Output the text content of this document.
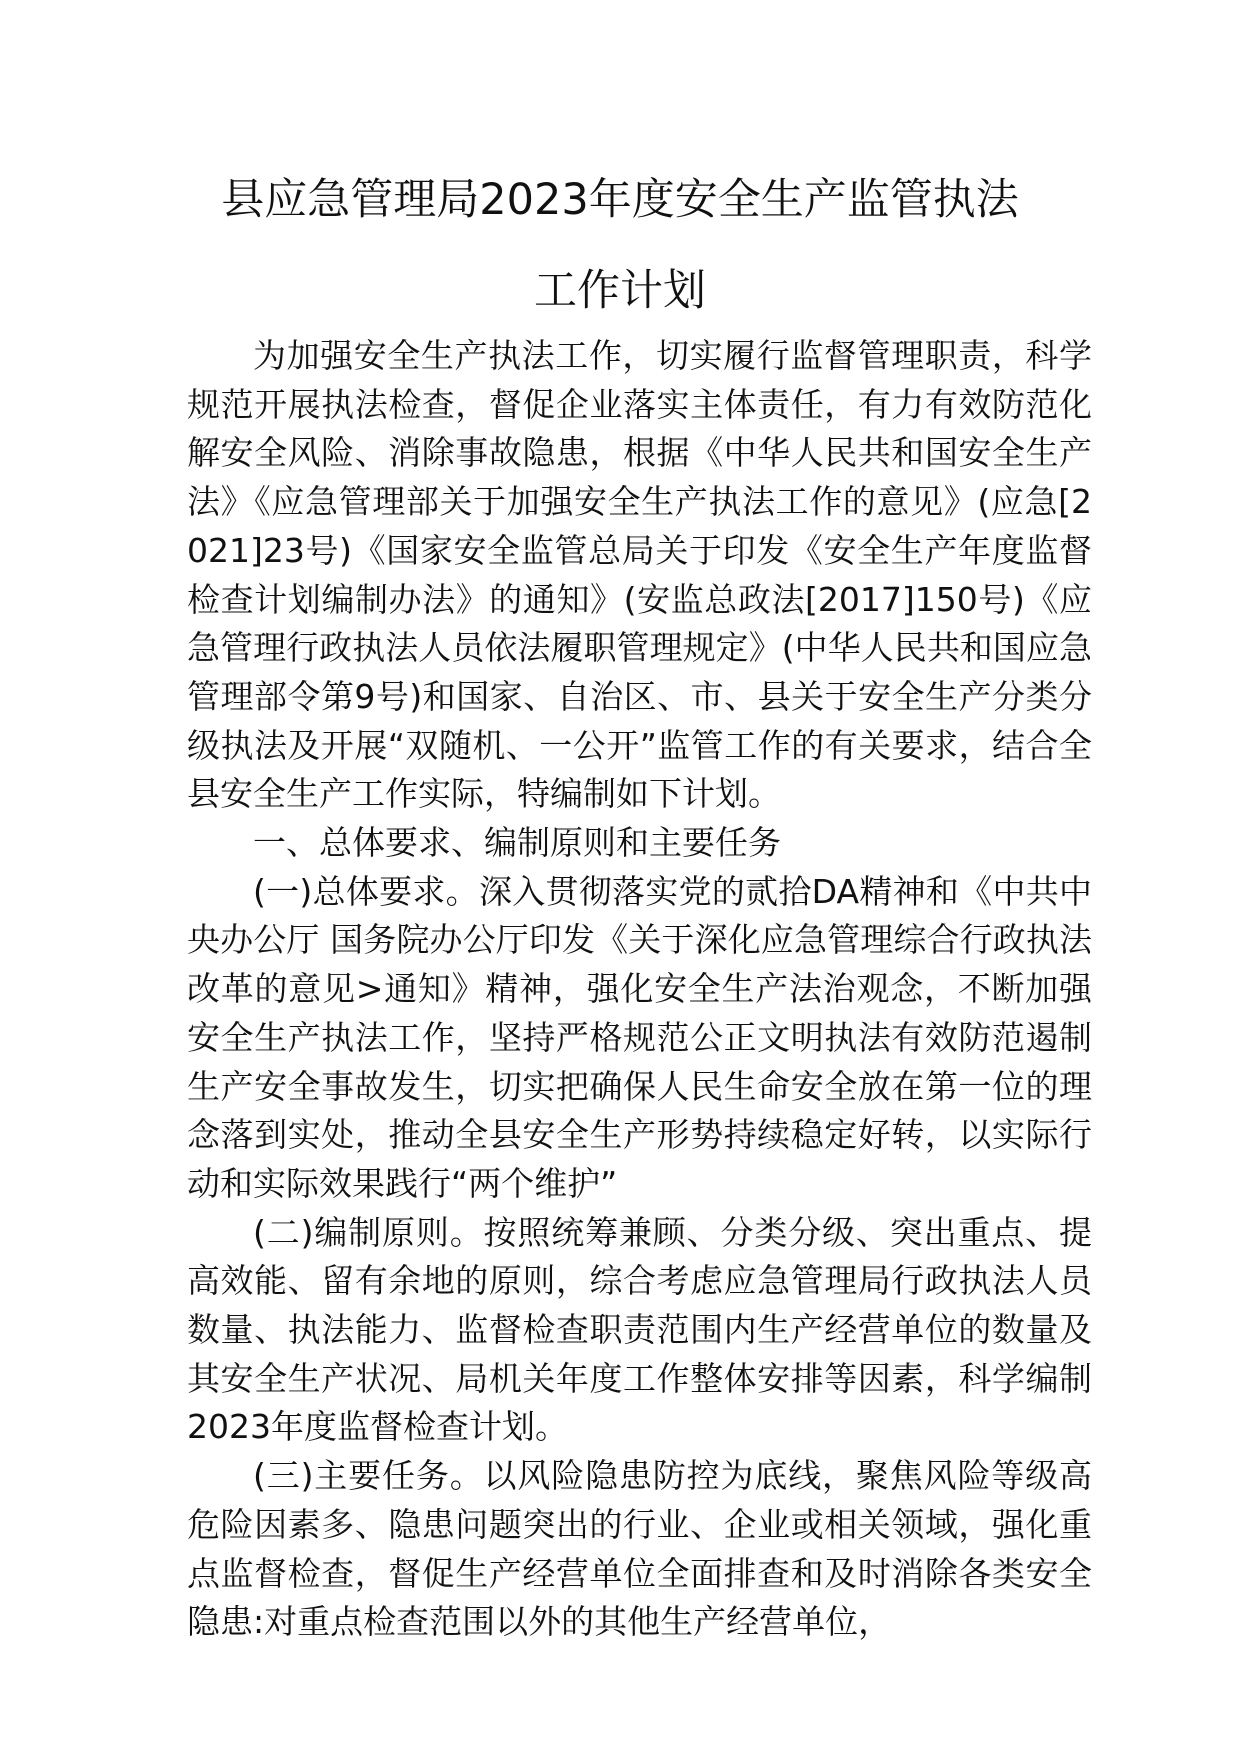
县应急管理局2023年度安全生产监管执法
工作计划

为加强安全生产执法工作，切实履行监督管理职责，科学规范开展执法检查，督促企业落实主体责任，有力有效防范化解安全风险、消除事故隐患，根据《中华人民共和国安全生产法》《应急管理部关于加强安全生产执法工作的意见》(应急[2021]23号)《国家安全监管总局关于印发《安全生产年度监督检查计划编制办法》的通知》(安监总政法[2017]150号)《应急管理行政执法人员依法履职管理规定》(中华人民共和国应急管理部令第9号)和国家、自治区、市、县关于安全生产分类分级执法及开展“双随机、一公开”监管工作的有关要求，结合全县安全生产工作实际，特编制如下计划。

一、总体要求、编制原则和主要任务

(一)总体要求。深入贯彻落实党的贰拾DA精神和《中共中央办公厅 国务院办公厅印发《关于深化应急管理综合行政执法改革的意见>通知》精神，强化安全生产法治观念，不断加强安全生产执法工作，坚持严格规范公正文明执法有效防范遏制生产安全事故发生，切实把确保人民生命安全放在第一位的理念落到实处，推动全县安全生产形势持续稳定好转，以实际行动和实际效果践行“两个维护”

(二)编制原则。按照统筹兼顾、分类分级、突出重点、提高效能、留有余地的原则，综合考虑应急管理局行政执法人员数量、执法能力、监督检查职责范围内生产经营单位的数量及其安全生产状况、局机关年度工作整体安排等因素，科学编制2023年度监督检查计划。

(三)主要任务。以风险隐患防控为底线，聚焦风险等级高危险因素多、隐患问题突出的行业、企业或相关领域，强化重点监督检查，督促生产经营单位全面排查和及时消除各类安全隐患:对重点检查范围以外的其他生产经营单位，
